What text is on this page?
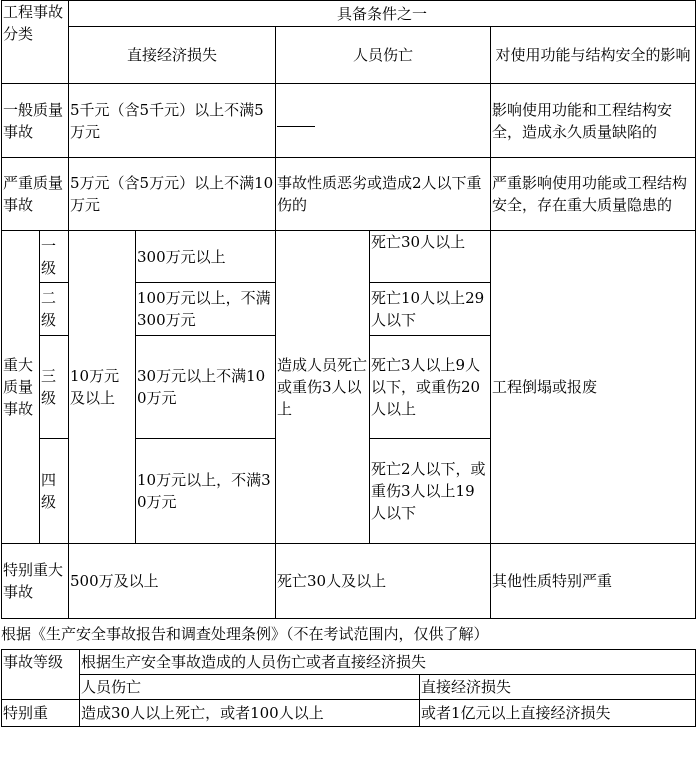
工程事故分类		具备条件之一				
		直接经济损失		人员伤亡		对使用功能与结构安全的影响
一般质量事故		5千元（含5千元）以上不满5万元				影响使用功能和工程结构安全，造成永久质量缺陷的
严重质量事故		5万元（含5万元）以上不满10万元		事故性质恶劣或造成2人以下重伤的		严重影响使用功能或工程结构安全，存在重大质量隐患的
重大质量事故	一级	10万元及以上	300万元以上	造成人员死亡或重伤3人以上	死亡30人以上	工程倒塌或报废
	二级		100万元以上，不满300万元		死亡10人以上29人以下	
	三级		30万元以上不满100万元		死亡3人以上9人以下，或重伤20人以上	
	四级		10万元以上，不满30万元		死亡2人以下，或重伤3人以上19人以下	
特别重大事故		500万及以上		死亡30人及以上		其他性质特别严重
根据《生产安全事故报告和调查处理条例》（不在考试范围内，仅供了解）
事故等级	根据生产安全事故造成的人员伤亡或者直接经济损失	
	人员伤亡	直接经济损失
特别重	造成30人以上死亡，或者100人以上	或者1亿元以上直接经济损失
